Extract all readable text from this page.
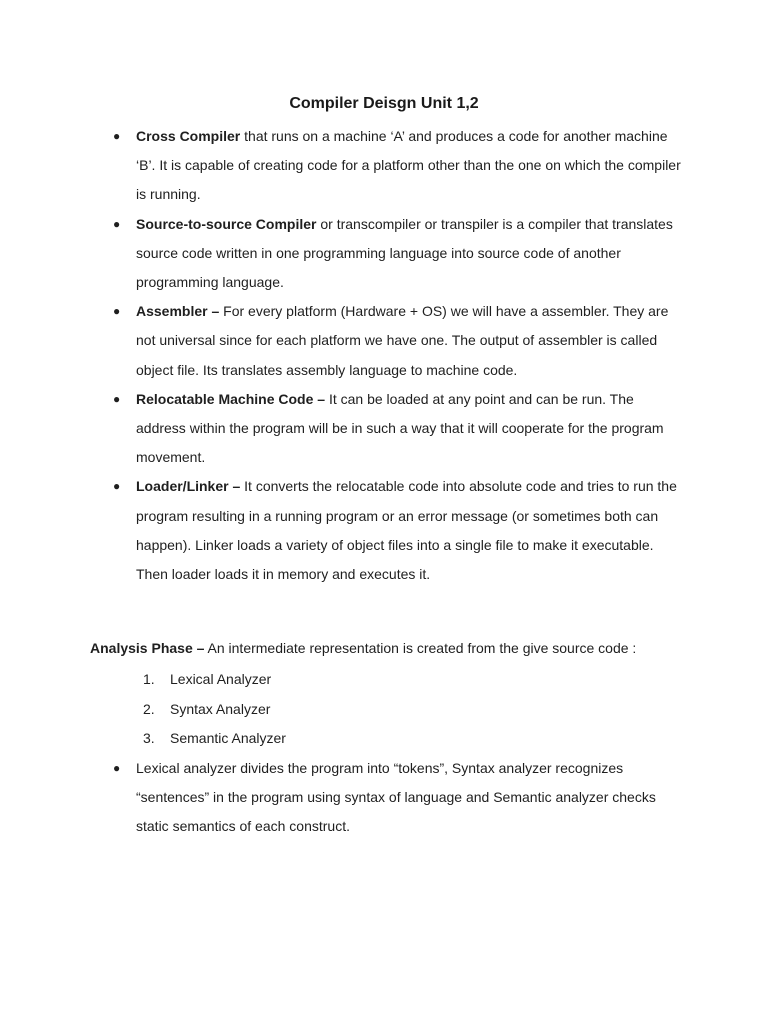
Compiler Deisgn Unit 1,2
● Cross Compiler that runs on a machine ‘A’ and produces a code for another machine ‘B’. It is capable of creating code for a platform other than the one on which the compiler is running.
● Source-to-source Compiler or transcompiler or transpiler is a compiler that translates source code written in one programming language into source code of another programming language.
● Assembler – For every platform (Hardware + OS) we will have a assembler. They are not universal since for each platform we have one. The output of assembler is called object file. Its translates assembly language to machine code.
● Relocatable Machine Code – It can be loaded at any point and can be run. The address within the program will be in such a way that it will cooperate for the program movement.
● Loader/Linker – It converts the relocatable code into absolute code and tries to run the program resulting in a running program or an error message (or sometimes both can happen). Linker loads a variety of object files into a single file to make it executable. Then loader loads it in memory and executes it.
Analysis Phase – An intermediate representation is created from the give source code :
1. Lexical Analyzer
2. Syntax Analyzer
3. Semantic Analyzer
● Lexical analyzer divides the program into “tokens”, Syntax analyzer recognizes “sentences” in the program using syntax of language and Semantic analyzer checks static semantics of each construct.
